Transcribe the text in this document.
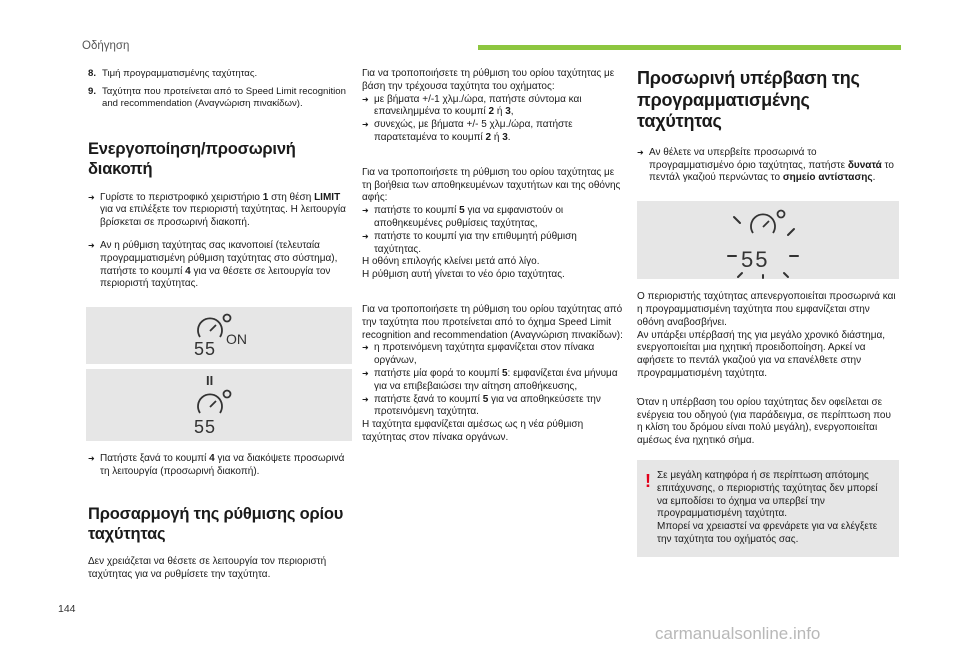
Οδήγηση
8. Τιμή προγραμματισμένης ταχύτητας.
9. Ταχύτητα που προτείνεται από το Speed Limit recognition and recommendation (Αναγνώριση πινακίδων).
Ενεργοποίηση/προσωρινή διακοπή
➜ Γυρίστε το περιστροφικό χειριστήριο 1 στη θέση LIMIT για να επιλέξετε τον περιοριστή ταχύτητας. Η λειτουργία βρίσκεται σε προσωρινή διακοπή.
➜ Αν η ρύθμιση ταχύτητας σας ικανοποιεί (τελευταία προγραμματισμένη ρύθμιση ταχύτητας στο σύστημα), πατήστε το κουμπί 4 για να θέσετε σε λειτουργία τον περιοριστή ταχύτητας.
55 ON
II
55
➜ Πατήστε ξανά το κουμπί 4 για να διακόψετε προσωρινά τη λειτουργία (προσωρινή διακοπή).
Προσαρμογή της ρύθμισης ορίου ταχύτητας
Δεν χρειάζεται να θέσετε σε λειτουργία τον περιοριστή ταχύτητας για να ρυθμίσετε την ταχύτητα.
Για να τροποποιήσετε τη ρύθμιση του ορίου ταχύτητας με βάση την τρέχουσα ταχύτητα του οχήματος:
➜ με βήματα +/-1 χλμ./ώρα, πατήστε σύντομα και επανειλημμένα το κουμπί 2 ή 3,
➜ συνεχώς, με βήματα +/- 5 χλμ./ώρα, πατήστε παρατεταμένα το κουμπί 2 ή 3.
Για να τροποποιήσετε τη ρύθμιση του ορίου ταχύτητας με τη βοήθεια των αποθηκευμένων ταχυτήτων και της οθόνης αφής:
➜ πατήστε το κουμπί 5 για να εμφανιστούν οι αποθηκευμένες ρυθμίσεις ταχύτητας,
➜ πατήστε το κουμπί για την επιθυμητή ρύθμιση ταχύτητας.
Η οθόνη επιλογής κλείνει μετά από λίγο.
Η ρύθμιση αυτή γίνεται το νέο όριο ταχύτητας.
Για να τροποποιήσετε τη ρύθμιση του ορίου ταχύτητας από την ταχύτητα που προτείνεται από το όχημα Speed Limit recognition and recommendation (Αναγνώριση πινακίδων):
➜ η προτεινόμενη ταχύτητα εμφανίζεται στον πίνακα οργάνων,
➜ πατήστε μία φορά το κουμπί 5: εμφανίζεται ένα μήνυμα για να επιβεβαιώσει την αίτηση αποθήκευσης,
➜ πατήστε ξανά το κουμπί 5 για να αποθηκεύσετε την προτεινόμενη ταχύτητα.
Η ταχύτητα εμφανίζεται αμέσως ως η νέα ρύθμιση ταχύτητας στον πίνακα οργάνων.
Προσωρινή υπέρβαση της προγραμματισμένης ταχύτητας
➜ Αν θέλετε να υπερβείτε προσωρινά το προγραμματισμένο όριο ταχύτητας, πατήστε δυνατά το πεντάλ γκαζιού περνώντας το σημείο αντίστασης.
55
Ο περιοριστής ταχύτητας απενεργοποιείται προσωρινά και η προγραμματισμένη ταχύτητα που εμφανίζεται στην οθόνη αναβοσβήνει.
Αν υπάρξει υπέρβασή της για μεγάλο χρονικό διάστημα, ενεργοποιείται μια ηχητική προειδοποίηση. Αρκεί να αφήσετε το πεντάλ γκαζιού για να επανέλθετε στην προγραμματισμένη ταχύτητα.
Όταν η υπέρβαση του ορίου ταχύτητας δεν οφείλεται σε ενέργεια του οδηγού (για παράδειγμα, σε περίπτωση που η κλίση του δρόμου είναι πολύ μεγάλη), ενεργοποιείται αμέσως ένα ηχητικό σήμα.
! Σε μεγάλη κατηφόρα ή σε περίπτωση απότομης επιτάχυνσης, ο περιοριστής ταχύτητας δεν μπορεί να εμποδίσει το όχημα να υπερβεί την προγραμματισμένη ταχύτητα.
Μπορεί να χρειαστεί να φρενάρετε για να ελέγξετε την ταχύτητα του οχήματός σας.
144
carmanualsonline.info
